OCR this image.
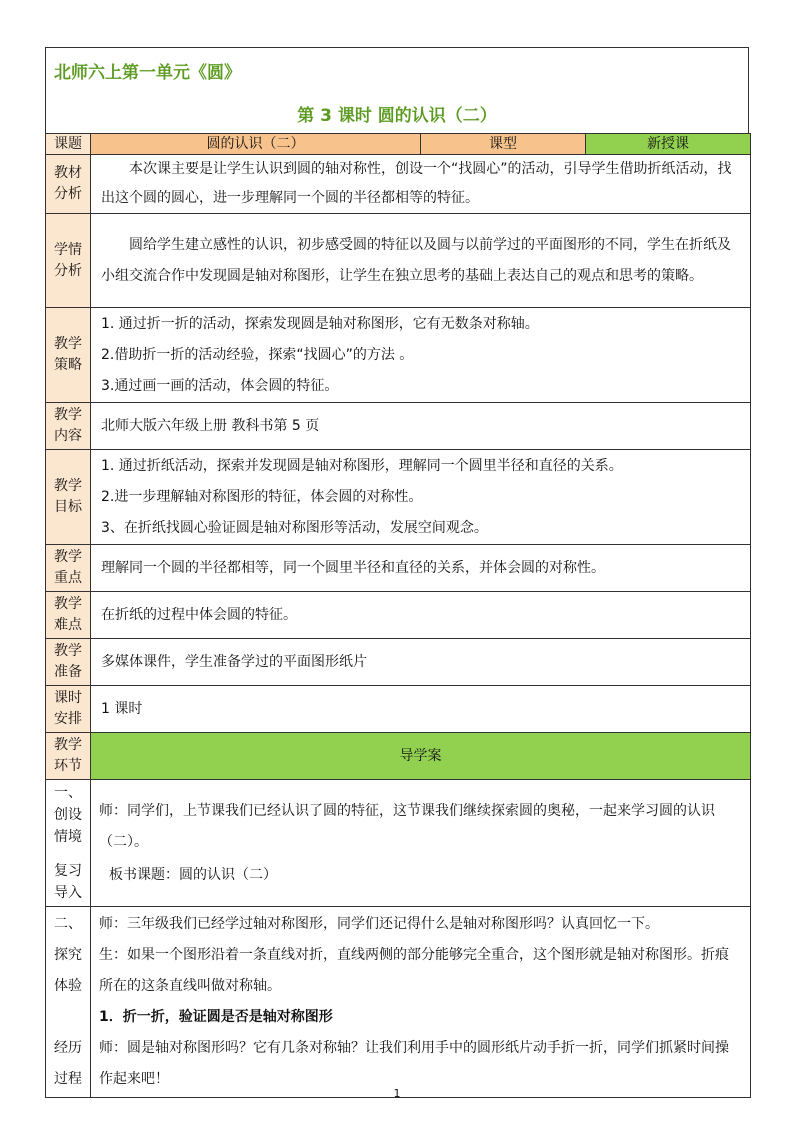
北师六上第一单元《圆》
第 3 课时 圆的认识（二）
课题	圆的认识（二）	课型	新授课

教材
分析	本次课主要是让学生认识到圆的轴对称性，创设一个“找圆心”的活动，引导学生借助折纸活动，找出这个圆的圆心，进一步理解同一个圆的半径都相等的特征。		

学情
分析	圆给学生建立感性的认识，初步感受圆的特征以及圆与以前学过的平面图形的不同，学生在折纸及小组交流合作中发现圆是轴对称图形，让学生在独立思考的基础上表达自己的观点和思考的策略。		

教学
策略	1. 通过折一折的活动，探索发现圆是轴对称图形，它有无数条对称轴。
2.借助折一折的活动经验，探索“找圆心”的方法 。
3.通过画一画的活动，体会圆的特征。		

教学
内容	北师大版六年级上册 教科书第 5 页		

教学
目标	1. 通过折纸活动，探索并发现圆是轴对称图形，理解同一个圆里半径和直径的关系。
2.进一步理解轴对称图形的特征，体会圆的对称性。
3、在折纸找圆心验证圆是轴对称图形等活动，发展空间观念。		

教学
重点	理解同一个圆的半径都相等，同一个圆里半径和直径的关系，并体会圆的对称性。		

教学
难点	在折纸的过程中体会圆的特征。		

教学
准备	多媒体课件，学生准备学过的平面图形纸片		

课时
安排	1 课时		

教学
环节	导学案		

一、
创设
情境
复习
导入	师：同学们，上节课我们已经认识了圆的特征，这节课我们继续探索圆的奥秘，一起来学习圆的认识（二）。
板书课题：圆的认识（二）		

二、
探究
体验
经历
过程	师：三年级我们已经学过轴对称图形，同学们还记得什么是轴对称图形吗？认真回忆一下。
生：如果一个图形沿着一条直线对折，直线两侧的部分能够完全重合，这个图形就是轴对称图形。折痕所在的这条直线叫做对称轴。
1．折一折，验证圆是否是轴对称图形
师：圆是轴对称图形吗？它有几条对称轴？让我们利用手中的圆形纸片动手折一折，同学们抓紧时间操作起来吧！		
1
